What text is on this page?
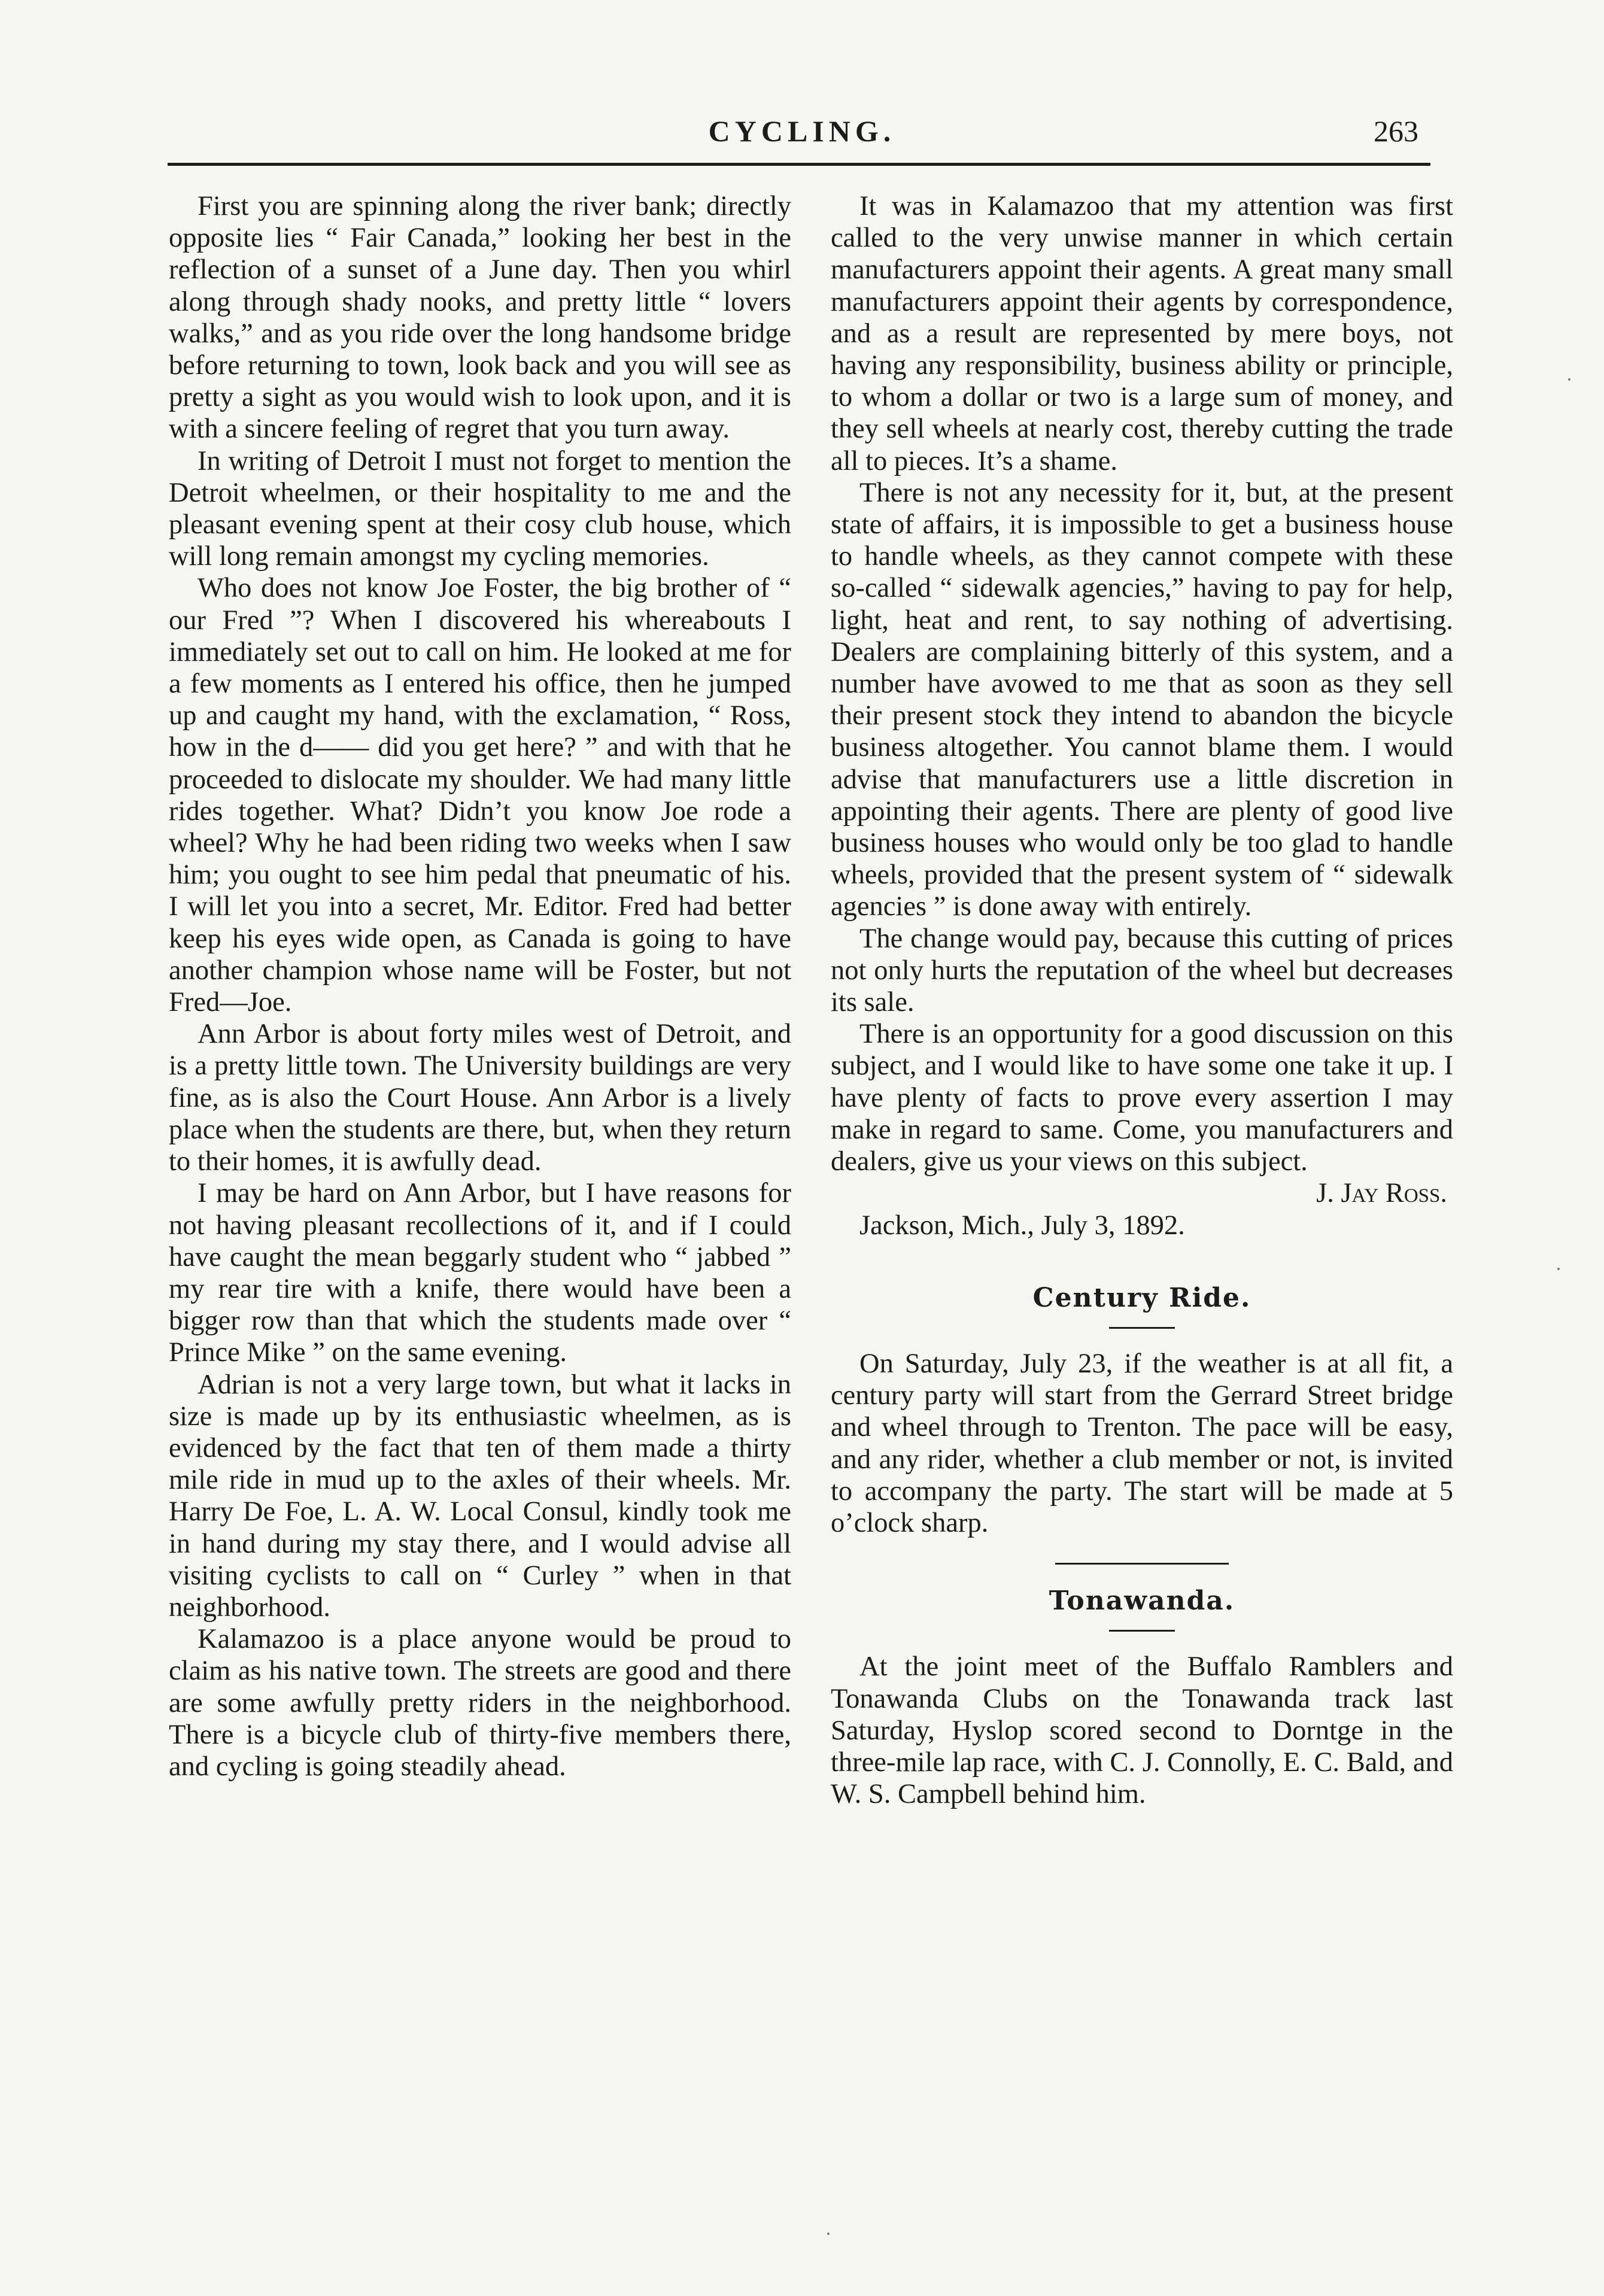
CYCLING.	263

First you are spinning along the river bank; directly opposite lies “ Fair Canada,” looking her best in the reflection of a sunset of a June day. Then you whirl along through shady nooks, and pretty little “ lovers walks,” and as you ride over the long handsome bridge before returning to town, look back and you will see as pretty a sight as you would wish to look upon, and it is with a sincere feeling of regret that you turn away.

In writing of Detroit I must not forget to mention the Detroit wheelmen, or their hospitality to me and the pleasant evening spent at their cosy club house, which will long remain amongst my cycling memories.

Who does not know Joe Foster, the big brother of “ our Fred ”? When I discovered his whereabouts I immediately set out to call on him. He looked at me for a few moments as I entered his office, then he jumped up and caught my hand, with the exclamation, “ Ross, how in the d—— did you get here? ” and with that he proceeded to dislocate my shoulder. We had many little rides together. What? Didn’t you know Joe rode a wheel? Why he had been riding two weeks when I saw him; you ought to see him pedal that pneumatic of his. I will let you into a secret, Mr. Editor. Fred had better keep his eyes wide open, as Canada is going to have another champion whose name will be Foster, but not Fred—Joe.

Ann Arbor is about forty miles west of Detroit, and is a pretty little town. The University buildings are very fine, as is also the Court House. Ann Arbor is a lively place when the students are there, but, when they return to their homes, it is awfully dead.

I may be hard on Ann Arbor, but I have reasons for not having pleasant recollections of it, and if I could have caught the mean beggarly student who “ jabbed ” my rear tire with a knife, there would have been a bigger row than that which the students made over “ Prince Mike ” on the same evening.

Adrian is not a very large town, but what it lacks in size is made up by its enthusiastic wheelmen, as is evidenced by the fact that ten of them made a thirty mile ride in mud up to the axles of their wheels. Mr. Harry De Foe, L. A. W. Local Consul, kindly took me in hand during my stay there, and I would advise all visiting cyclists to call on “ Curley ” when in that neighborhood.

Kalamazoo is a place anyone would be proud to claim as his native town. The streets are good and there are some awfully pretty riders in the neighborhood. There is a bicycle club of thirty-five members there, and cycling is going steadily ahead.

It was in Kalamazoo that my attention was first called to the very unwise manner in which certain manufacturers appoint their agents. A great many small manufacturers appoint their agents by correspondence, and as a result are represented by mere boys, not having any responsibility, business ability or principle, to whom a dollar or two is a large sum of money, and they sell wheels at nearly cost, thereby cutting the trade all to pieces. It’s a shame.

There is not any necessity for it, but, at the present state of affairs, it is impossible to get a business house to handle wheels, as they cannot compete with these so-called “ sidewalk agencies,” having to pay for help, light, heat and rent, to say nothing of advertising. Dealers are complaining bitterly of this system, and a number have avowed to me that as soon as they sell their present stock they intend to abandon the bicycle business altogether. You cannot blame them. I would advise that manufacturers use a little discretion in appointing their agents. There are plenty of good live business houses who would only be too glad to handle wheels, provided that the present system of “ sidewalk agencies ” is done away with entirely.

The change would pay, because this cutting of prices not only hurts the reputation of the wheel but decreases its sale.

There is an opportunity for a good discussion on this subject, and I would like to have some one take it up. I have plenty of facts to prove every assertion I may make in regard to same. Come, you manufacturers and dealers, give us your views on this subject.

J. Jay Ross.

Jackson, Mich., July 3, 1892.

Century Ride.

On Saturday, July 23, if the weather is at all fit, a century party will start from the Gerrard Street bridge and wheel through to Trenton. The pace will be easy, and any rider, whether a club member or not, is invited to accompany the party. The start will be made at 5 o’clock sharp.

Tonawanda.

At the joint meet of the Buffalo Ramblers and Tonawanda Clubs on the Tonawanda track last Saturday, Hyslop scored second to Dorntge in the three-mile lap race, with C. J. Connolly, E. C. Bald, and W. S. Campbell behind him.
